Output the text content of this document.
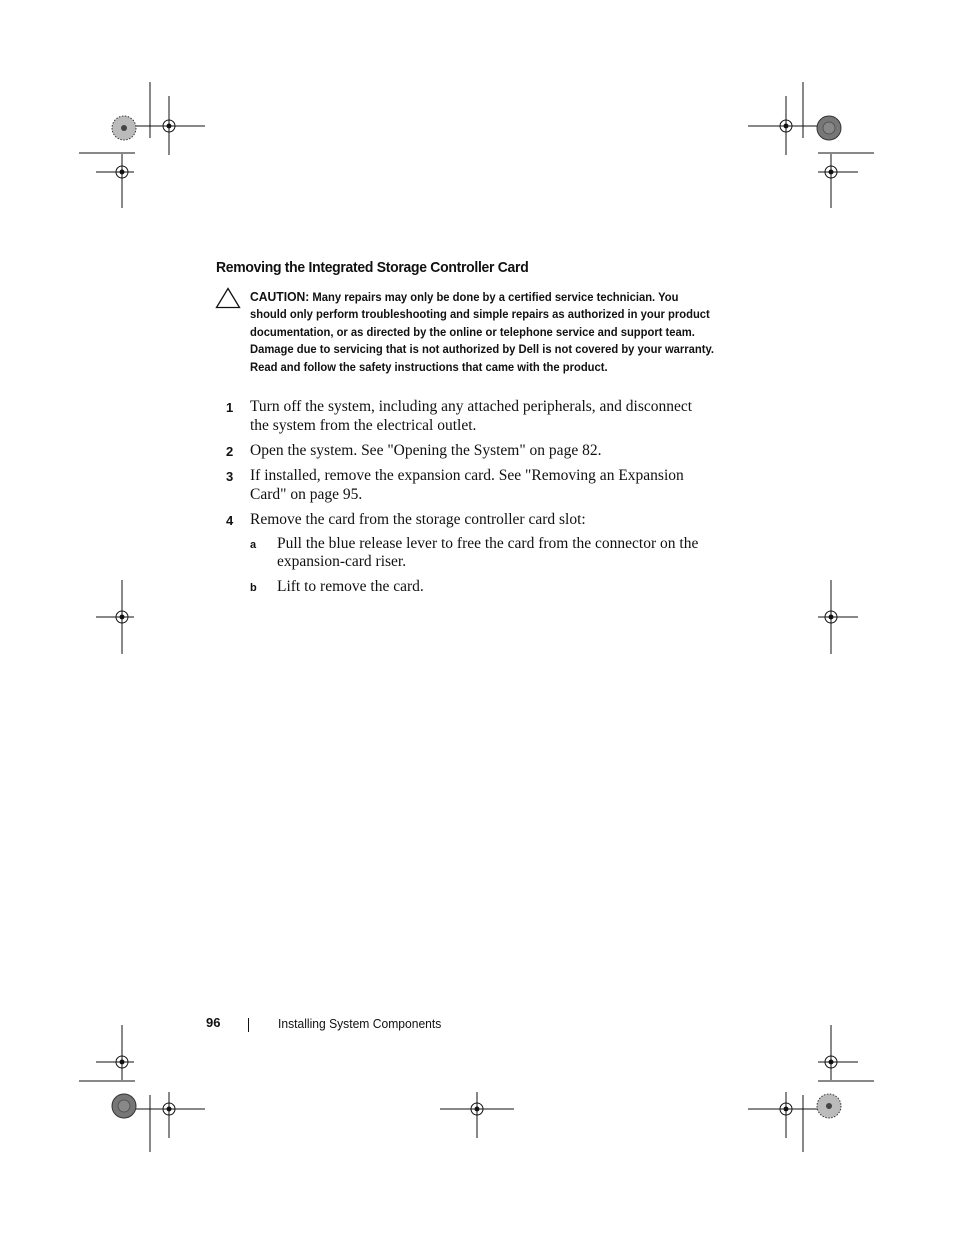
Removing the Integrated Storage Controller Card
CAUTION: Many repairs may only be done by a certified service technician. You should only perform troubleshooting and simple repairs as authorized in your product documentation, or as directed by the online or telephone service and support team. Damage due to servicing that is not authorized by Dell is not covered by your warranty. Read and follow the safety instructions that came with the product.
1 Turn off the system, including any attached peripherals, and disconnect
the system from the electrical outlet.
2 Open the system. See "Opening the System" on page 82.
3 If installed, remove the expansion card. See "Removing an Expansion
Card" on page 95.
4 Remove the card from the storage controller card slot:
a Pull the blue release lever to free the card from the connector on the
expansion-card riser.
b Lift to remove the card.
96	Installing System Components
